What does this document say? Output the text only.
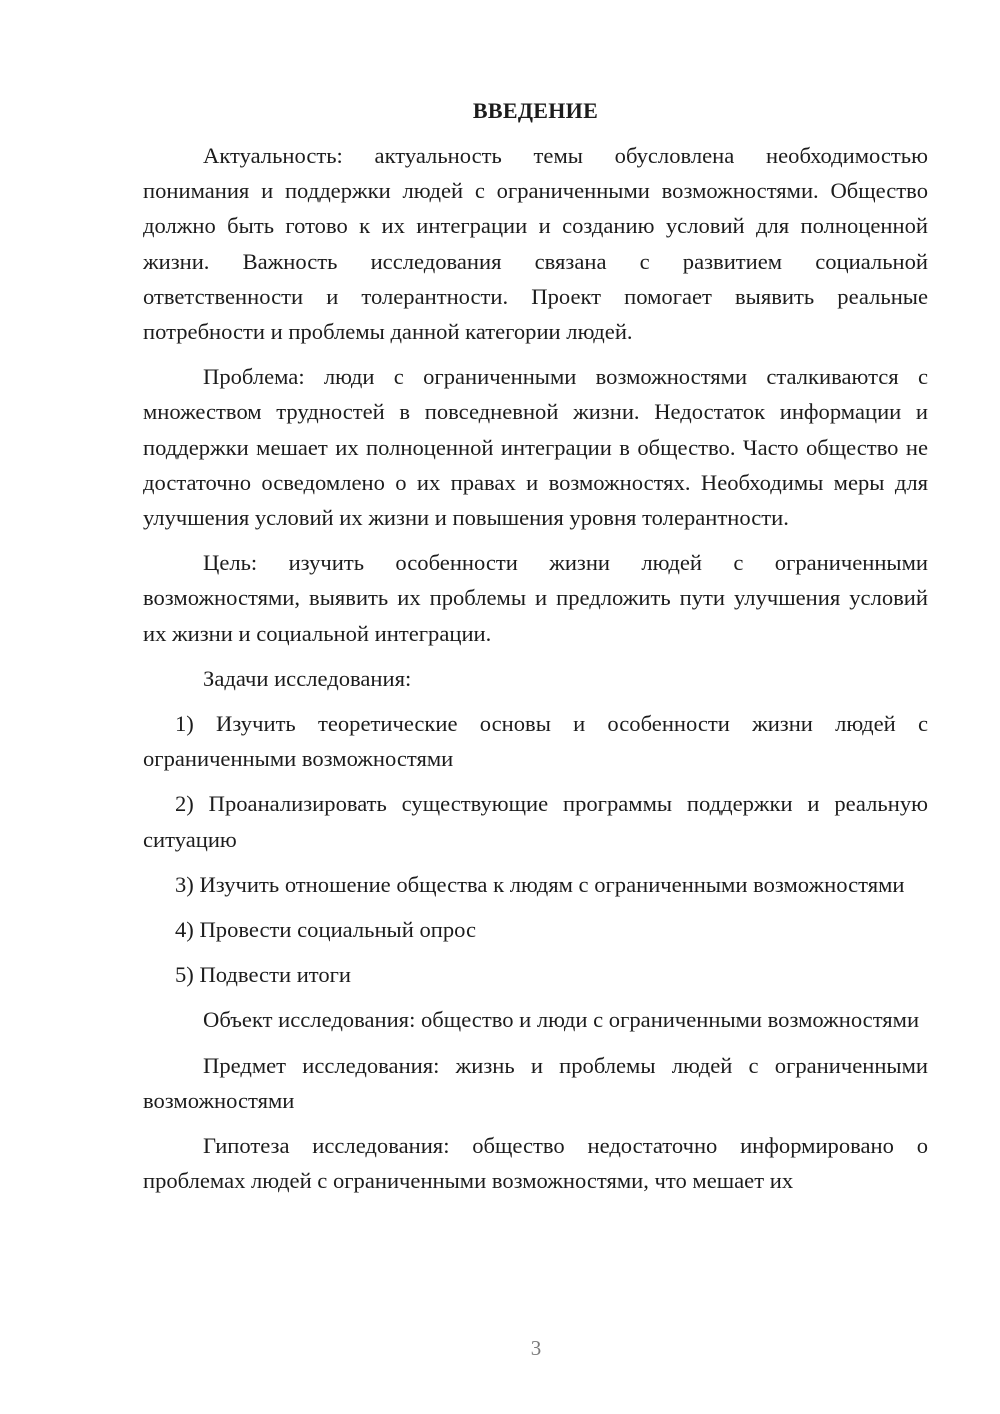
ВВЕДЕНИЕ

Актуальность: актуальность темы обусловлена необходимостью понимания и поддержки людей с ограниченными возможностями. Общество должно быть готово к их интеграции и созданию условий для полноценной жизни. Важность исследования связана с развитием социальной ответственности и толерантности. Проект помогает выявить реальные потребности и проблемы данной категории людей.

Проблема: люди с ограниченными возможностями сталкиваются с множеством трудностей в повседневной жизни. Недостаток информации и поддержки мешает их полноценной интеграции в общество. Часто общество не достаточно осведомлено о их правах и возможностях. Необходимы меры для улучшения условий их жизни и повышения уровня толерантности.

Цель: изучить особенности жизни людей с ограниченными возможностями, выявить их проблемы и предложить пути улучшения условий их жизни и социальной интеграции.

Задачи исследования:

1) Изучить теоретические основы и особенности жизни людей с ограниченными возможностями

2) Проанализировать существующие программы поддержки и реальную ситуацию

3) Изучить отношение общества к людям с ограниченными возможностями

4) Провести социальный опрос

5) Подвести итоги

Объект исследования: общество и люди с ограниченными возможностями

Предмет исследования: жизнь и проблемы людей с ограниченными возможностями

Гипотеза исследования: общество недостаточно информировано о проблемах людей с ограниченными возможностями, что мешает их

3
